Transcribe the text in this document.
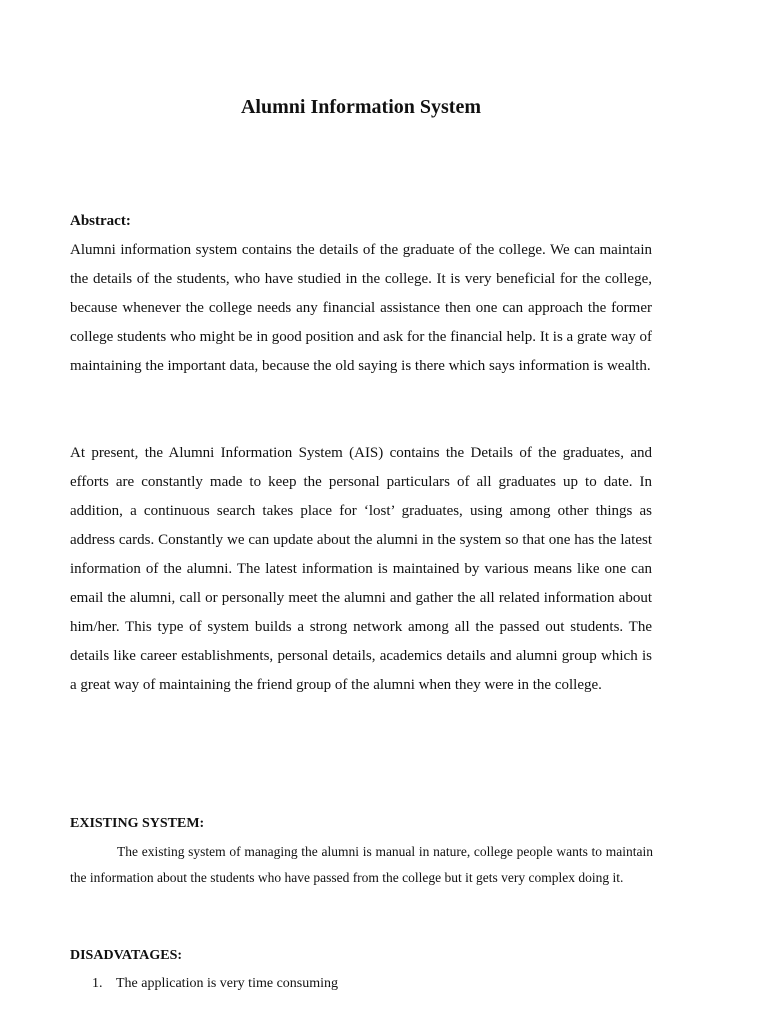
Alumni Information System

Abstract:

Alumni information system contains the details of the graduate of the college. We can maintain the details of the students, who have studied in the college. It is very beneficial for the college, because whenever the college needs any financial assistance then one can approach the former college students who might be in good position and ask for the financial help. It is a grate way of maintaining the important data, because the old saying is there which says information is wealth.

At present, the Alumni Information System (AIS) contains the Details of the graduates, and efforts are constantly made to keep the personal particulars of all graduates up to date. In addition, a continuous search takes place for ‘lost’ graduates, using among other things as address cards. Constantly we can update about the alumni in the system so that one has the latest information of the alumni. The latest information is maintained by various means like one can email the alumni, call or personally meet the alumni and gather the all related information about him/her. This type of system builds a strong network among all the passed out students. The details like career establishments, personal details, academics details and alumni group which is a great way of maintaining the friend group of the alumni when they were in the college.

EXISTING SYSTEM:

The existing system of managing the alumni is manual in nature, college people wants to maintain the information about the students who have passed from the college but it gets very complex doing it.

DISADVATAGES:

1. The application is very time consuming
